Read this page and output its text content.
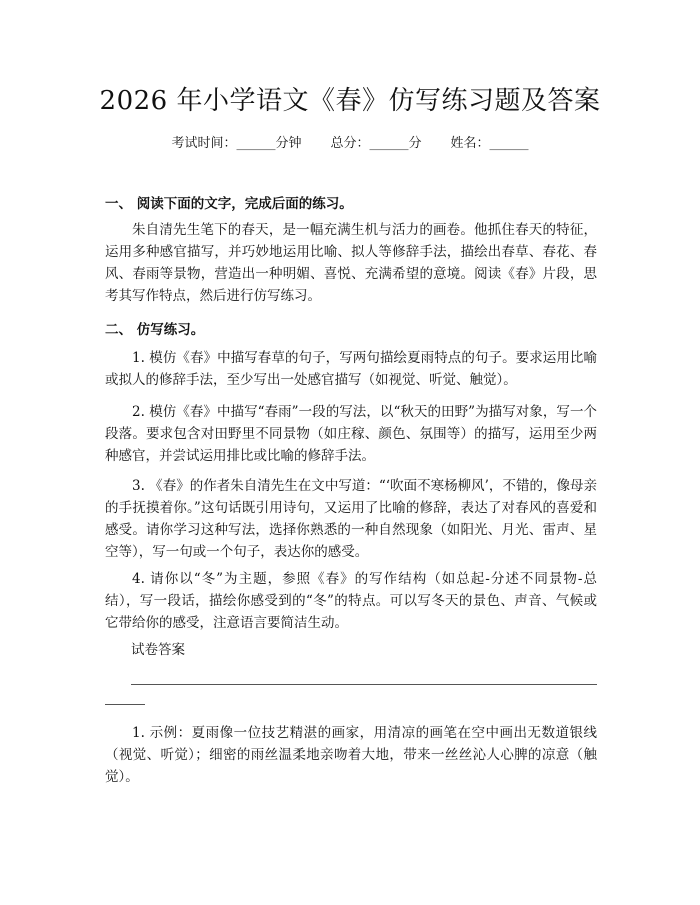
2026 年小学语文《春》仿写练习题及答案
考试时间：______分钟 总分：______分 姓名：______
一、 阅读下面的文字，完成后面的练习。
朱自清先生笔下的春天，是一幅充满生机与活力的画卷。他抓住春天的特征，运用多种感官描写，并巧妙地运用比喻、拟人等修辞手法，描绘出春草、春花、春风、春雨等景物，营造出一种明媚、喜悦、充满希望的意境。阅读《春》片段，思考其写作特点，然后进行仿写练习。
二、 仿写练习。
1. 模仿《春》中描写春草的句子，写两句描绘夏雨特点的句子。要求运用比喻或拟人的修辞手法，至少写出一处感官描写（如视觉、听觉、触觉）。
2. 模仿《春》中描写“春雨”一段的写法，以“秋天的田野”为描写对象，写一个段落。要求包含对田野里不同景物（如庄稼、颜色、氛围等）的描写，运用至少两种感官，并尝试运用排比或比喻的修辞手法。
3. 《春》的作者朱自清先生在文中写道：“‘吹面不寒杨柳风’，不错的，像母亲的手抚摸着你。”这句话既引用诗句，又运用了比喻的修辞，表达了对春风的喜爱和感受。请你学习这种写法，选择你熟悉的一种自然现象（如阳光、月光、雷声、星空等），写一句或一个句子，表达你的感受。
4. 请你以“冬”为主题，参照《春》的写作结构（如总起-分述不同景物-总结），写一段话，描绘你感受到的“冬”的特点。可以写冬天的景色、声音、气候或它带给你的感受，注意语言要简洁生动。
试卷答案
1. 示例：夏雨像一位技艺精湛的画家，用清凉的画笔在空中画出无数道银线（视觉、听觉）；细密的雨丝温柔地亲吻着大地，带来一丝丝沁人心脾的凉意（触觉）。
